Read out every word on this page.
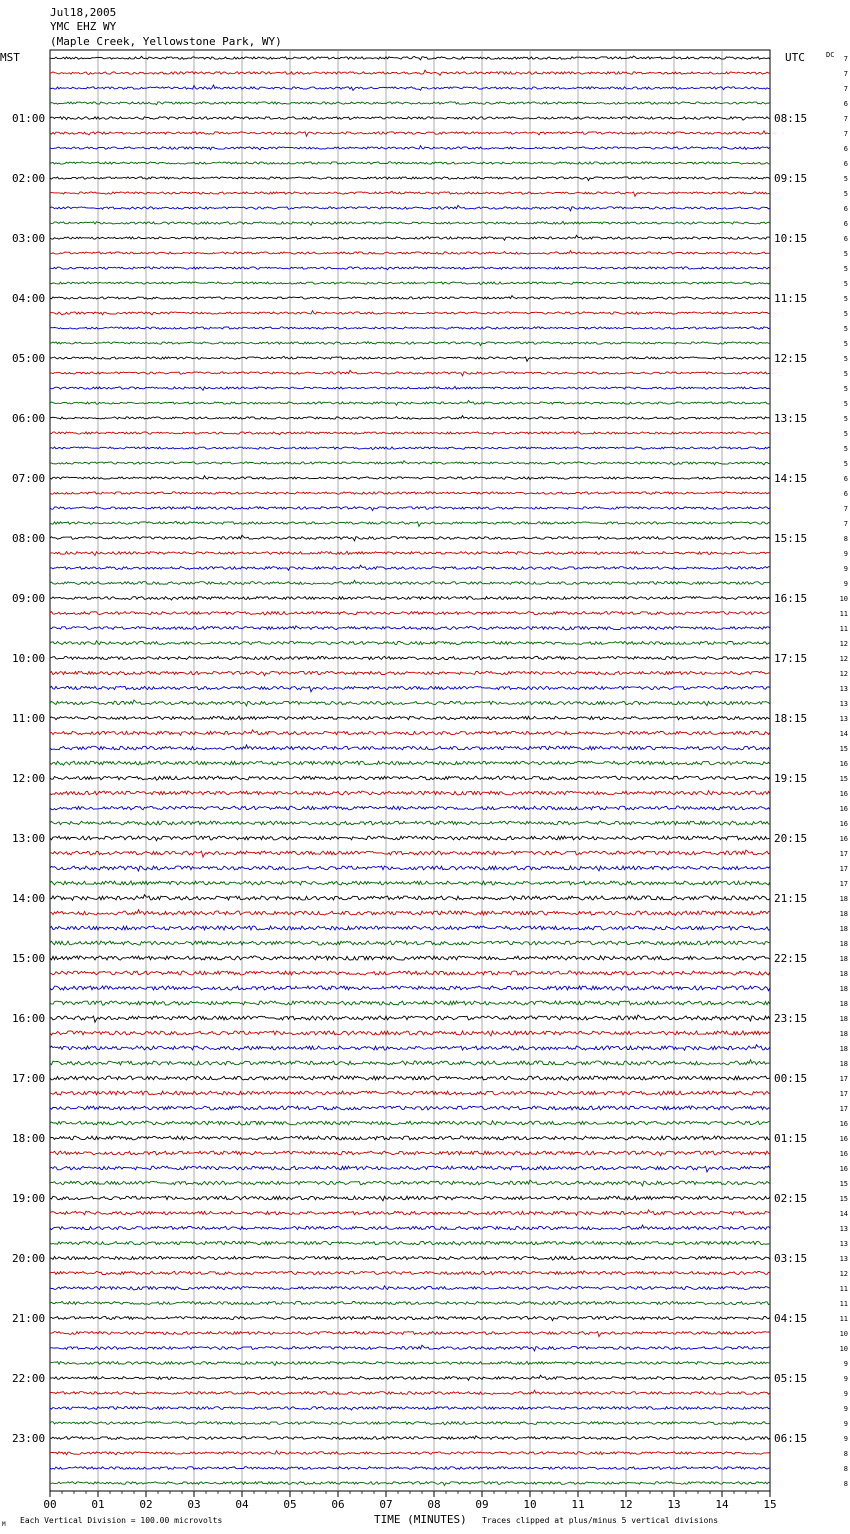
Jul18,2005
YMC EHZ WY
(Maple Creek, Yellowstone Park, WY)
MST	UTC	DC
01:00
02:00
03:00
04:00
05:00
06:00
07:00
08:00
09:00
10:00
11:00
12:00
13:00
14:00
15:00
16:00
17:00
18:00
19:00
20:00
21:00
22:00
23:00
08:15
09:15
10:15
11:15
12:15
13:15
14:15
15:15
16:15
17:15
18:15
19:15
20:15
21:15
22:15
23:15
00:15
01:15
02:15
03:15
04:15
05:15
06:15
7
7
7
6
7
7
6
6
5
5
6
6
6
5
5
5
5
5
5
5
5
5
5
5
5
5
5
5
6
6
7
7
8
9
9
9
10
11
11
12
12
12
13
13
13
14
15
16
15
16
16
16
16
17
17
17
18
18
18
18
18
18
18
18
18
18
18
18
17
17
17
16
16
16
16
15
15
14
13
13
13
12
11
11
11
10
10
9
9
9
9
9
9
8
8
8
00	01	02	03	04	05	06	07	08	09	10	11	12	13	14	15
M Each Vertical Division = 100.00 microvolts	TIME (MINUTES) Traces clipped at plus/minus 5 vertical divisions
